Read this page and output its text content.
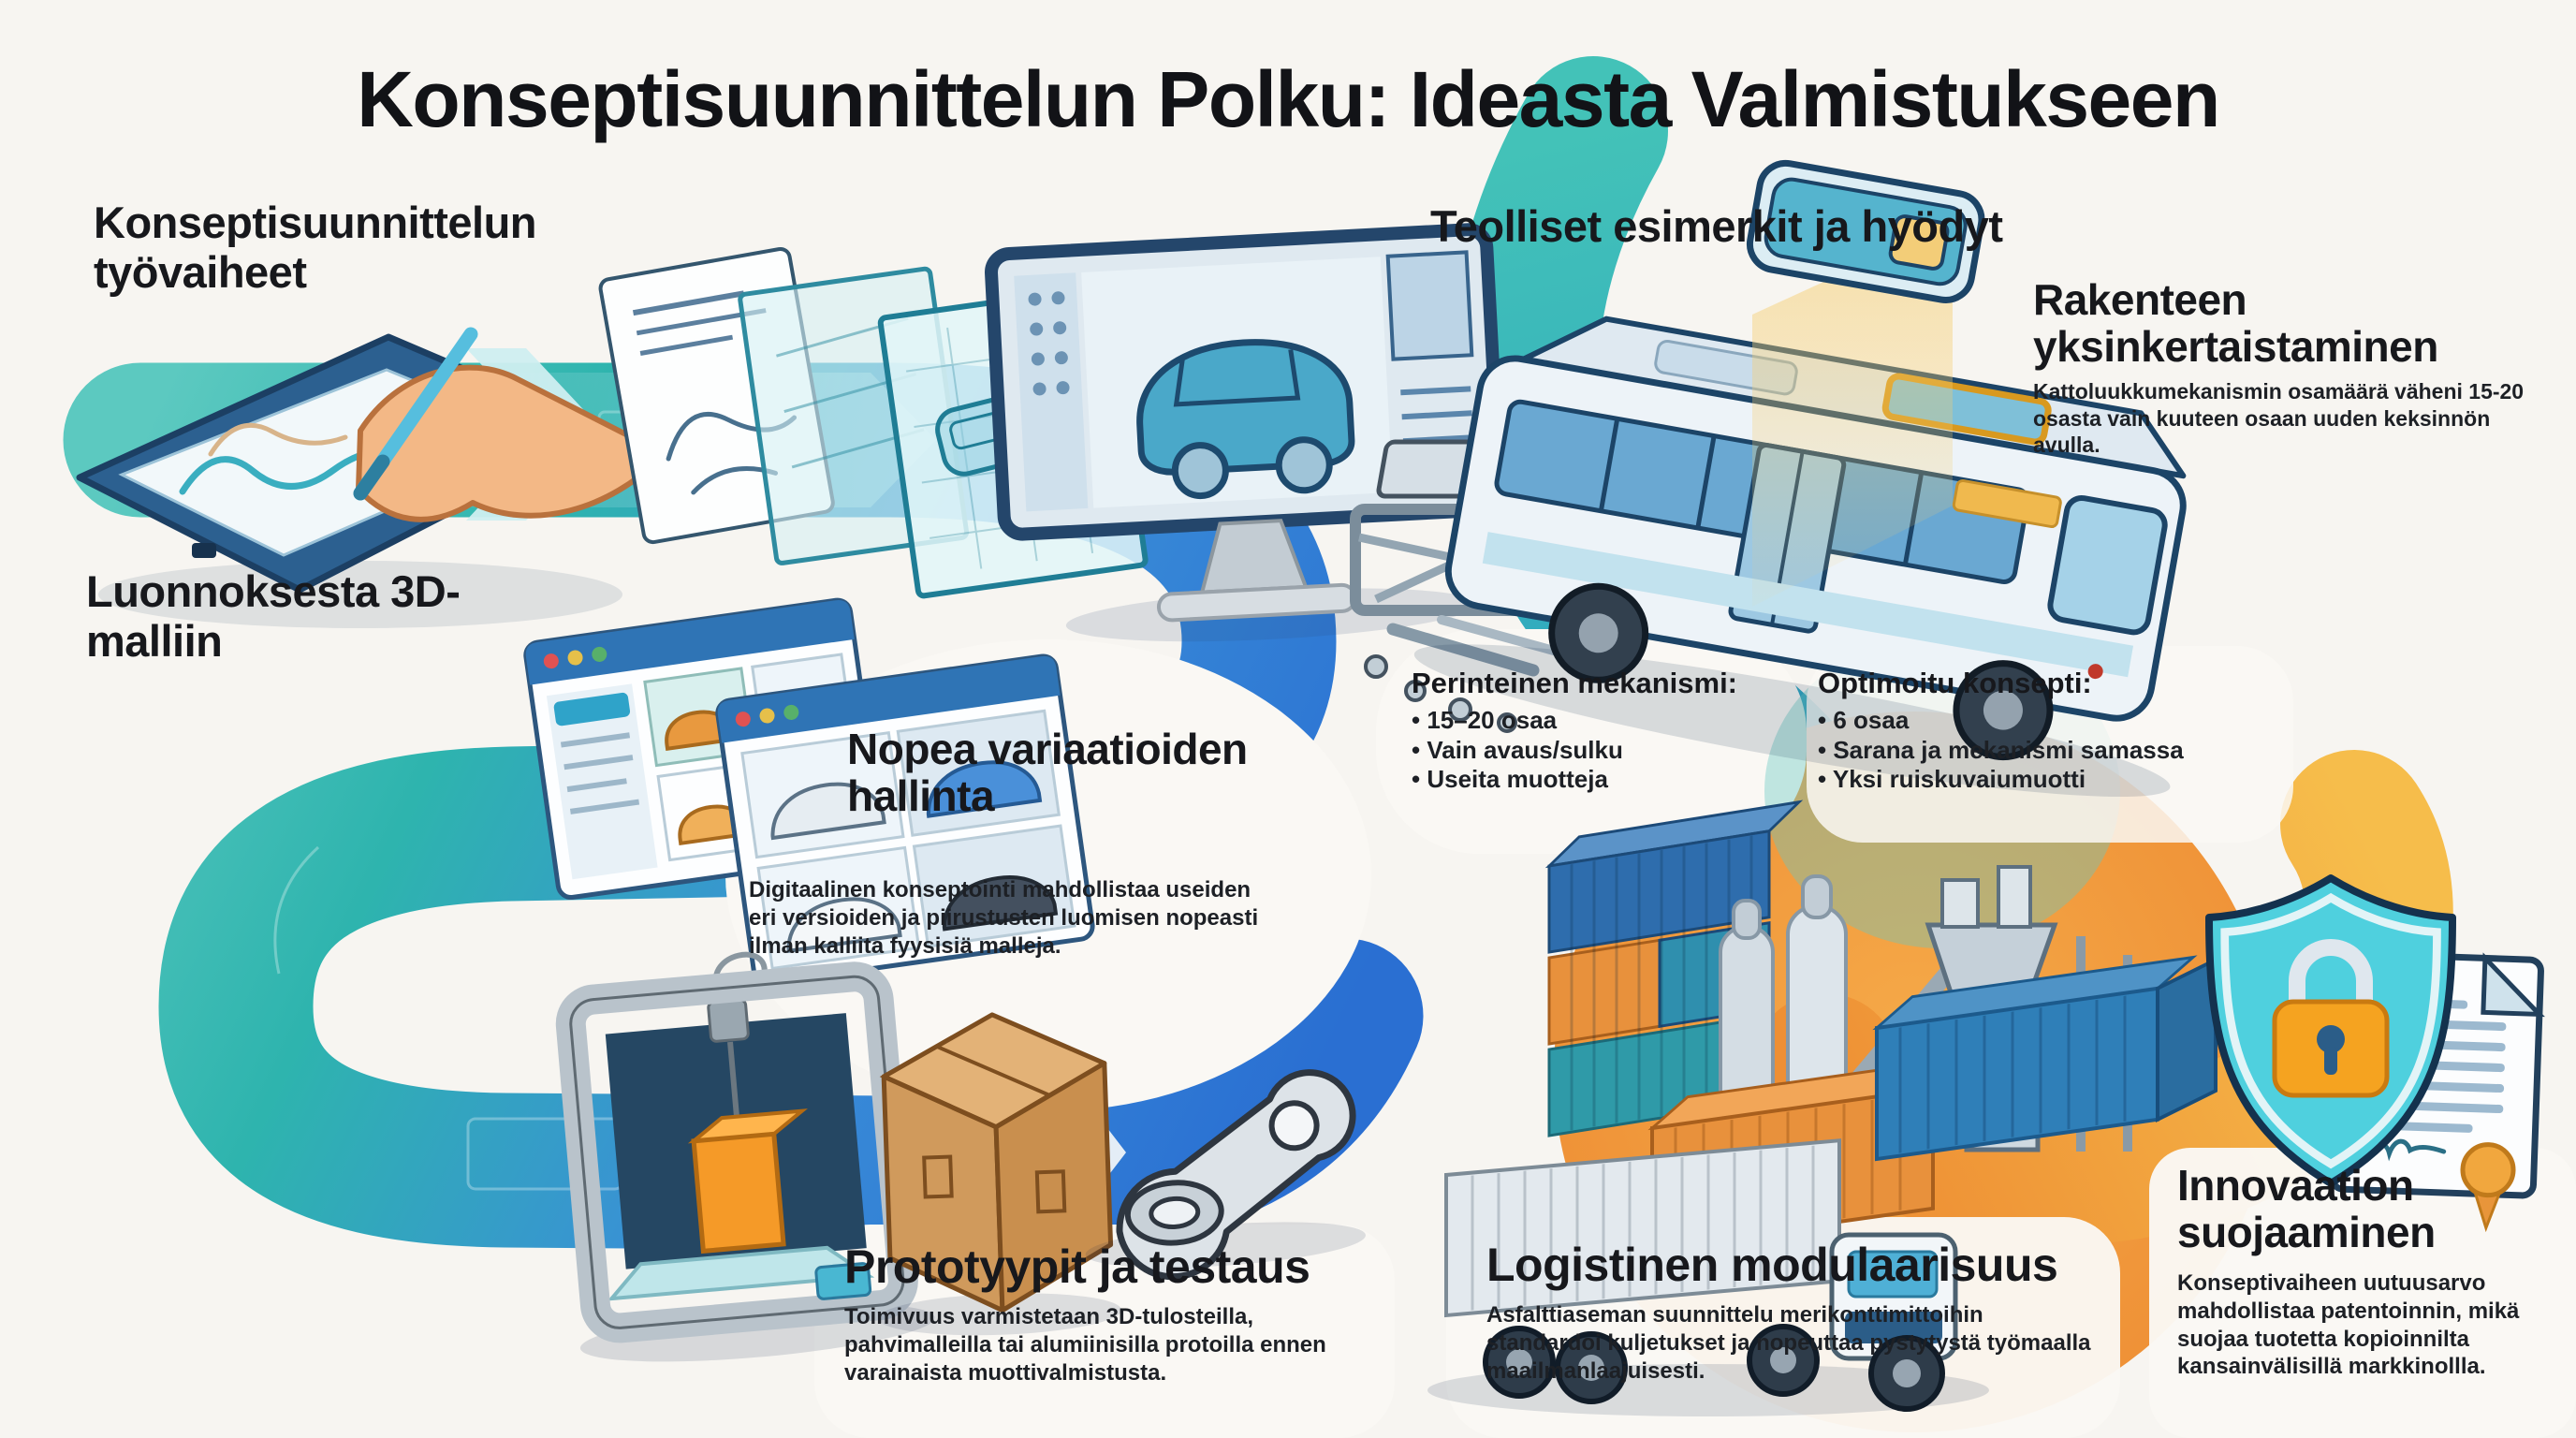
Konseptisuunnittelun Polku: Ideasta Valmistukseen
Konseptisuunnittelun työvaiheet
Luonnoksesta 3D-malliin
Nopea variaatioiden hallinta
Digitaalinen konseptointi mahdollistaa useiden eri versioiden ja piirustusten luomisen nopeasti ilman kalliita fyysisiä malleja.
Prototyypit ja testaus
Toimivuus varmistetaan 3D-tulosteilla, pahvimalleilla tai alumiinisilla protoilla ennen varainaista muottivalmistusta.
Teolliset esimerkit ja hyödyt
Rakenteen yksinkertaistaminen
Kattoluukkumekanismin osamäärä väheni 15-20 osasta vain kuuteen osaan uuden keksinnön avulla.
Perinteinen mekanismi:
• 15–20 osaa
• Vain avaus/sulku
• Useita muotteja
Optimoitu konsepti:
• 6 osaa
• Sarana ja mekanismi samassa
• Yksi ruiskuvaiumuotti
Logistinen modulaarisuus
Asfalttiaseman suunnittelu merikonttimittoihin standardoi kuljetukset ja nopeuttaa pystytystä työmaalla maailmanlaajuisesti.
Innovaation suojaaminen
Konseptivaiheen uutuusarvo mahdollistaa patentoinnin, mikä suojaa tuotetta kopioinnilta kansainvälisillä markkinollla.
